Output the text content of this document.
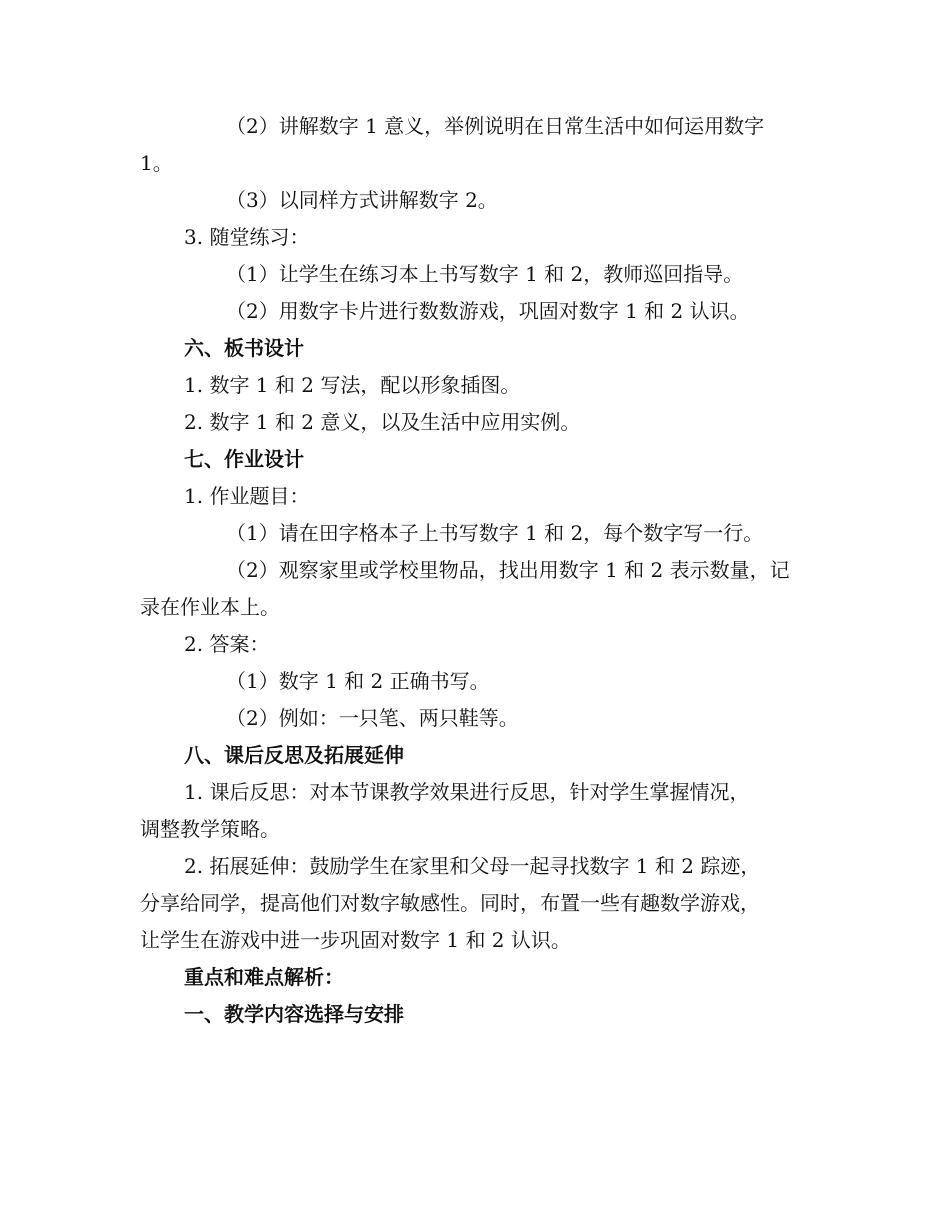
（2）讲解数字 1 意义，举例说明在日常生活中如何运用数字
1。
（3）以同样方式讲解数字 2。
3. 随堂练习：
（1）让学生在练习本上书写数字 1 和 2，教师巡回指导。
（2）用数字卡片进行数数游戏，巩固对数字 1 和 2 认识。
六、板书设计
1. 数字 1 和 2 写法，配以形象插图。
2. 数字 1 和 2 意义，以及生活中应用实例。
七、作业设计
1. 作业题目：
（1）请在田字格本子上书写数字 1 和 2，每个数字写一行。
（2）观察家里或学校里物品，找出用数字 1 和 2 表示数量，记
录在作业本上。
2. 答案：
（1）数字 1 和 2 正确书写。
（2）例如：一只笔、两只鞋等。
八、课后反思及拓展延伸
1. 课后反思：对本节课教学效果进行反思，针对学生掌握情况，
调整教学策略。
2. 拓展延伸：鼓励学生在家里和父母一起寻找数字 1 和 2 踪迹，
分享给同学，提高他们对数字敏感性。同时，布置一些有趣数学游戏，
让学生在游戏中进一步巩固对数字 1 和 2 认识。
重点和难点解析：
一、教学内容选择与安排
